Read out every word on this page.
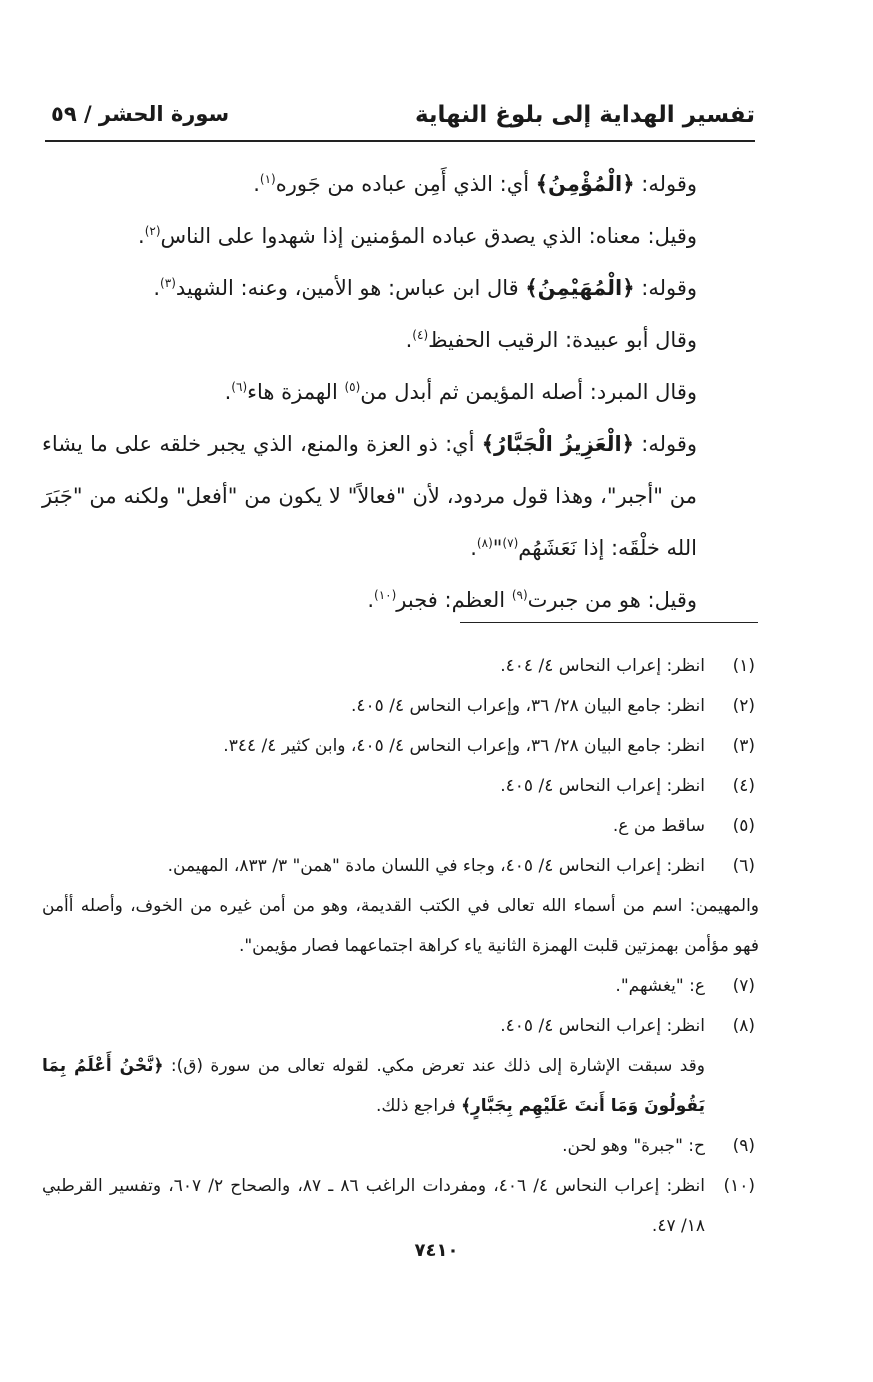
تفسير الهداية إلى بلوغ النهاية
سورة الحشر / ٥٩

وقوله: ﴿الْمُؤْمِنُ﴾ أي: الذي أَمِن عباده من جَوره$^{(١)}$.

وقيل: معناه: الذي يصدق عباده المؤمنين إذا شهدوا على الناس$^{(٢)}$.

وقوله: ﴿الْمُهَيْمِنُ﴾ قال ابن عباس: هو الأمين، وعنه: الشهيد$^{(٣)}$.

وقال أبو عبيدة: الرقيب الحفيظ$^{(٤)}$.

وقال المبرد: أصله المؤيمن ثم أبدل من$^{(٥)}$ الهمزة هاء$^{(٦)}$.

وقوله: ﴿الْعَزِيزُ الْجَبَّارُ﴾ أي: ذو العزة والمنع، الذي يجبر خلقه على ما يشاء من "أجبر"، وهذا قول مردود، لأن "فعالاً" لا يكون من "أفعل" ولكنه من "جَبَرَ الله خلْقَه: إذا نَعَشَهُم$^{(٧)}$"$^{(٨)}$.

وقيل: هو من جبرت$^{(٩)}$ العظم: فجبر$^{(١٠)}$.

(١)
انظر: إعراب النحاس ٤/ ٤٠٤.

(٢)
انظر: جامع البيان ٢٨/ ٣٦، وإعراب النحاس ٤/ ٤٠٥.

(٣)
انظر: جامع البيان ٢٨/ ٣٦، وإعراب النحاس ٤/ ٤٠٥، وابن كثير ٤/ ٣٤٤.

(٤)
انظر: إعراب النحاس ٤/ ٤٠٥.

(٥)
ساقط من ع.

(٦)
انظر: إعراب النحاس ٤/ ٤٠٥، وجاء في اللسان مادة "همن" ٣/ ٨٣٣، المهيمن.

والمهيمن: اسم من أسماء الله تعالى في الكتب القديمة، وهو من أمن غيره من الخوف، وأصله أأمن فهو مؤأمن بهمزتين قلبت الهمزة الثانية ياء كراهة اجتماعهما فصار مؤيمن".

(٧)
ع: "يغشهم".

(٨)
انظر: إعراب النحاس ٤/ ٤٠٥.

وقد سبقت الإشارة إلى ذلك عند تعرض مكي. لقوله تعالى من سورة (ق): ﴿نَّحْنُ أَعْلَمُ بِمَا يَقُولُونَ وَمَا أَنتَ عَلَيْهِم بِجَبَّارٍ﴾ فراجع ذلك.

(٩)
ح: "جبرة" وهو لحن.

(١٠)
انظر: إعراب النحاس ٤/ ٤٠٦، ومفردات الراغب ٨٦ ـ ٨٧، والصحاح ٢/ ٦٠٧، وتفسير القرطبي ١٨/ ٤٧.

٧٤١٠
